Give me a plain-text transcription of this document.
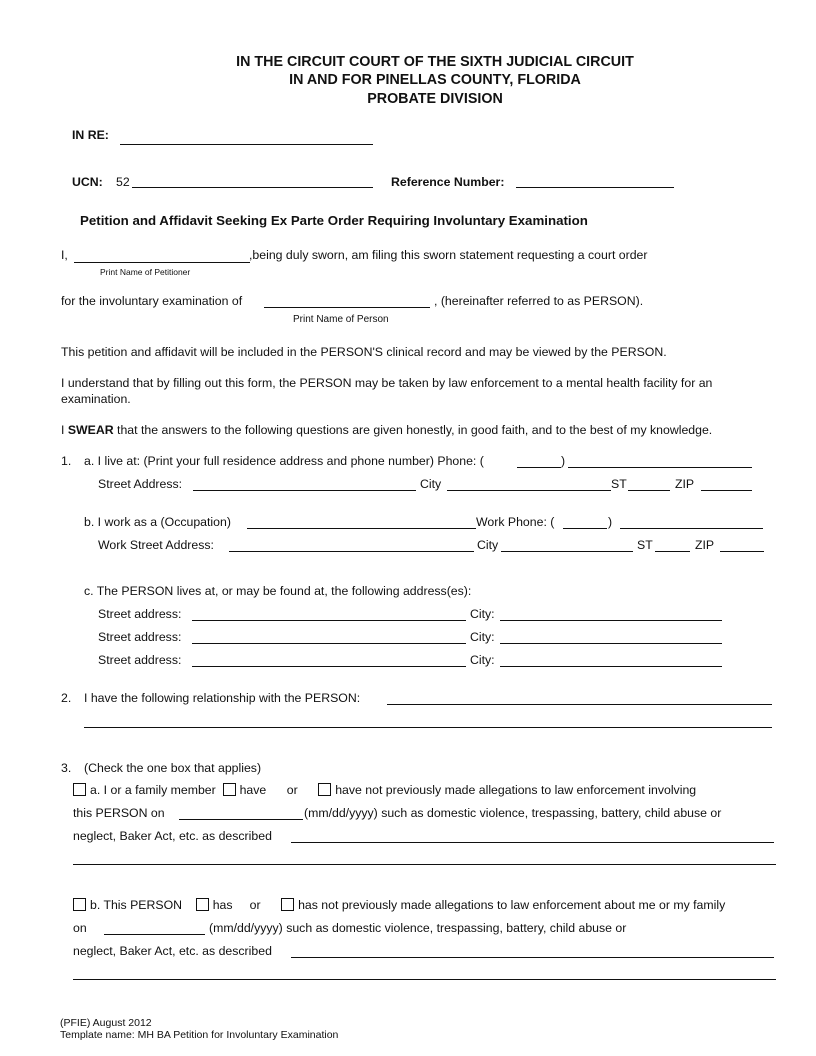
IN THE CIRCUIT COURT OF THE SIXTH JUDICIAL CIRCUIT
IN AND FOR PINELLAS COUNTY, FLORIDA
PROBATE DIVISION
IN RE:
UCN: 52	Reference Number:
Petition and Affidavit Seeking Ex Parte Order Requiring Involuntary Examination
I,	,being duly sworn, am filing this sworn statement requesting a court order
Print Name of Petitioner
for the involuntary examination of	, (hereinafter referred to as PERSON).
Print Name of Person
This petition and affidavit will be included in the PERSON'S clinical record and may be viewed by the PERSON.
I understand that by filling out this form, the PERSON may be taken by law enforcement to a mental health facility for an
examination.
I SWEAR that the answers to the following questions are given honestly, in good faith, and to the best of my knowledge.
1. a. I live at: (Print your full residence address and phone number) Phone: (	)
Street Address:	City	ST	ZIP
b. I work as a (Occupation)	Work Phone: (	)
Work Street Address:	City	ST	ZIP
c. The PERSON lives at, or may be found at, the following address(es):
Street address:	City:
Street address:	City:
Street address:	City:
2. I have the following relationship with the PERSON:
3. (Check the one box that applies)
a. I or a family member have or	have not previously made allegations to law enforcement involving
this PERSON on	(mm/dd/yyyy) such as domestic violence, trespassing, battery, child abuse or
neglect, Baker Act, etc. as described
b. This PERSON has or	has not previously made allegations to law enforcement about me or my family
on	(mm/dd/yyyy) such as domestic violence, trespassing, battery, child abuse or
neglect, Baker Act, etc. as described
(PFIE) August 2012
Template name: MH BA Petition for Involuntary Examination
